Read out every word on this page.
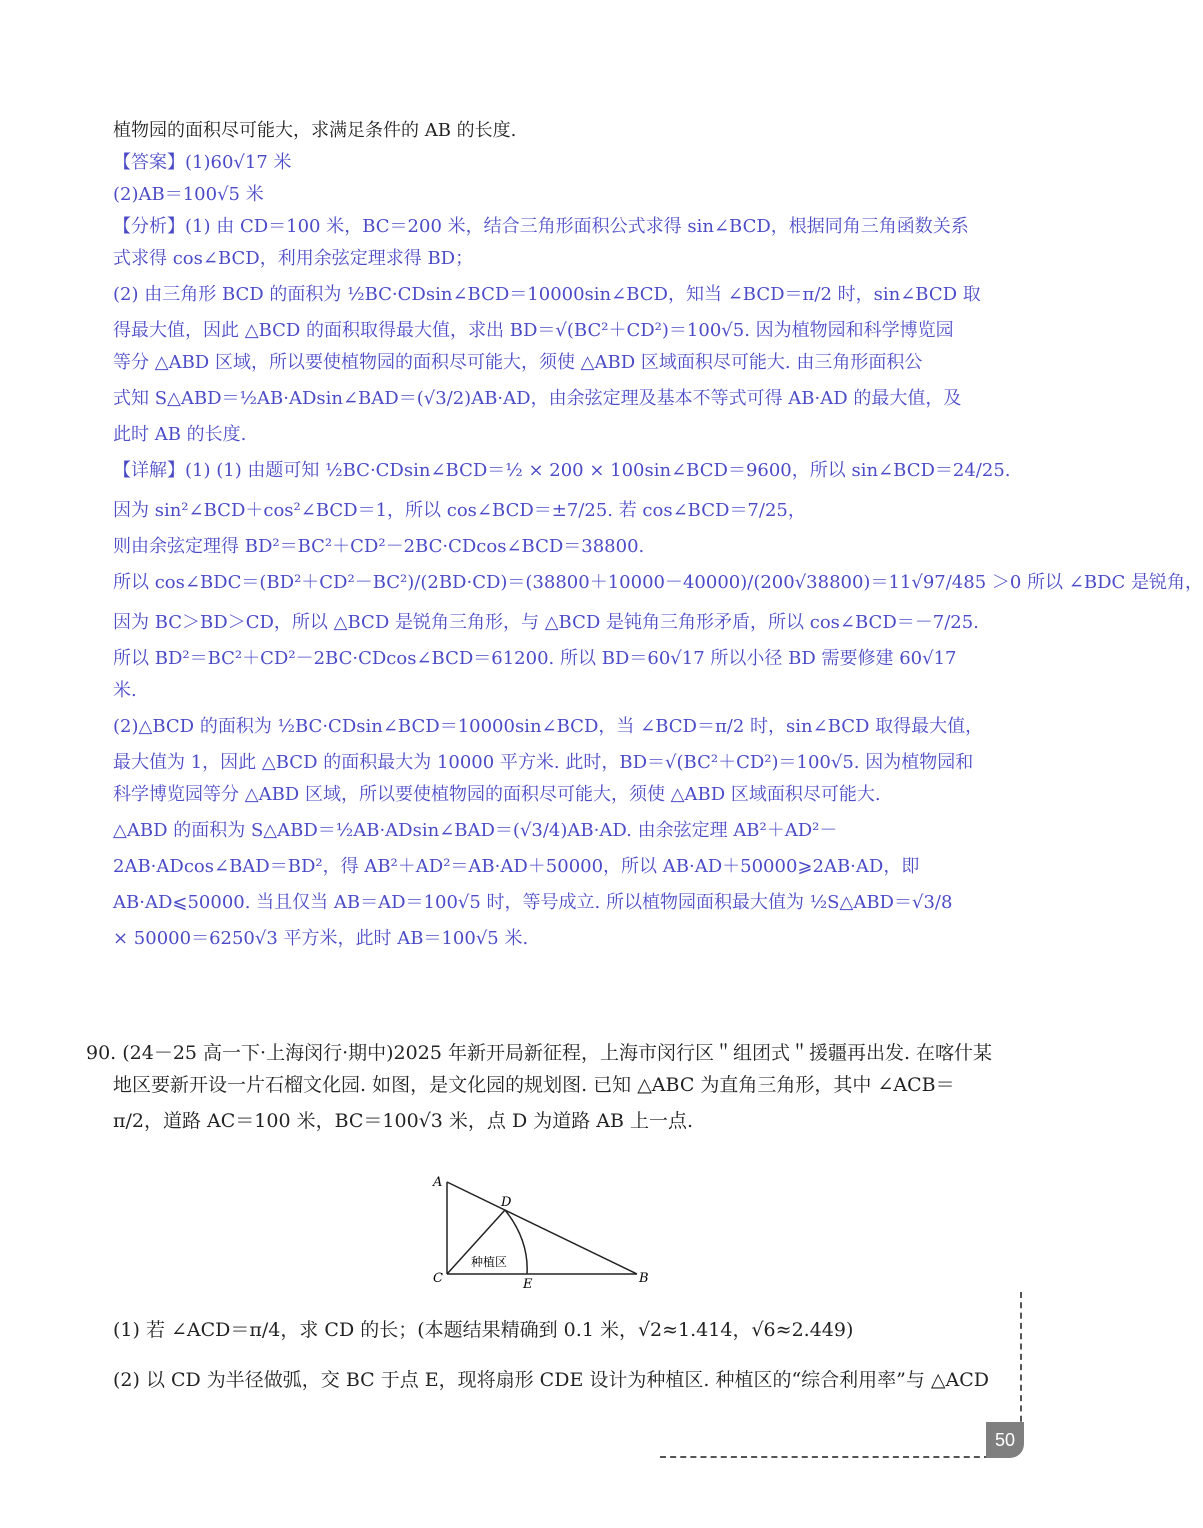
植物园的面积尽可能大，求满足条件的 AB 的长度.
【答案】(1)60√17 米
(2)AB＝100√5 米
【分析】(1) 由 CD＝100 米，BC＝200 米，结合三角形面积公式求得 sin∠BCD，根据同角三角函数关系
式求得 cos∠BCD，利用余弦定理求得 BD；
(2) 由三角形 BCD 的面积为 ½BC·CDsin∠BCD＝10000sin∠BCD，知当 ∠BCD＝π/2 时，sin∠BCD 取
得最大值，因此 △BCD 的面积取得最大值，求出 BD＝√(BC²＋CD²)＝100√5. 因为植物园和科学博览园
等分 △ABD 区域，所以要使植物园的面积尽可能大，须使 △ABD 区域面积尽可能大. 由三角形面积公
式知 S△ABD＝½AB·ADsin∠BAD＝(√3/2)AB·AD，由余弦定理及基本不等式可得 AB·AD 的最大值，及
此时 AB 的长度.
【详解】(1) (1) 由题可知 ½BC·CDsin∠BCD＝½ × 200 × 100sin∠BCD＝9600，所以 sin∠BCD＝24/25.
因为 sin²∠BCD＋cos²∠BCD＝1，所以 cos∠BCD＝±7/25. 若 cos∠BCD＝7/25，
则由余弦定理得 BD²＝BC²＋CD²－2BC·CDcos∠BCD＝38800.
所以 cos∠BDC＝(BD²＋CD²－BC²)/(2BD·CD)＝(38800＋10000－40000)/(200√38800)＝11√97/485 ＞0 所以 ∠BDC 是锐角，
因为 BC＞BD＞CD，所以 △BCD 是锐角三角形，与 △BCD 是钝角三角形矛盾，所以 cos∠BCD＝－7/25.
所以 BD²＝BC²＋CD²－2BC·CDcos∠BCD＝61200. 所以 BD＝60√17 所以小径 BD 需要修建 60√17
米.
(2)△BCD 的面积为 ½BC·CDsin∠BCD＝10000sin∠BCD，当 ∠BCD＝π/2 时，sin∠BCD 取得最大值，
最大值为 1，因此 △BCD 的面积最大为 10000 平方米. 此时，BD＝√(BC²＋CD²)＝100√5. 因为植物园和
科学博览园等分 △ABD 区域，所以要使植物园的面积尽可能大，须使 △ABD 区域面积尽可能大.
△ABD 的面积为 S△ABD＝½AB·ADsin∠BAD＝(√3/4)AB·AD. 由余弦定理 AB²＋AD²－
2AB·ADcos∠BAD＝BD²，得 AB²＋AD²＝AB·AD＋50000，所以 AB·AD＋50000⩾2AB·AD，即
AB·AD⩽50000. 当且仅当 AB＝AD＝100√5 时，等号成立. 所以植物园面积最大值为 ½S△ABD＝√3/8
× 50000＝6250√3 平方米，此时 AB＝100√5 米.
90. (24－25 高一下·上海闵行·期中)2025 年新开局新征程，上海市闵行区＂组团式＂援疆再出发. 在喀什某
地区要新开设一片石榴文化园. 如图，是文化园的规划图. 已知 △ABC 为直角三角形，其中 ∠ACB＝
π/2，道路 AC＝100 米，BC＝100√3 米，点 D 为道路 AB 上一点.
A
C	B
D
E
种植区
(1) 若 ∠ACD＝π/4，求 CD 的长；(本题结果精确到 0.1 米，√2≈1.414，√6≈2.449)
(2) 以 CD 为半径做弧，交 BC 于点 E，现将扇形 CDE 设计为种植区. 种植区的“综合利用率”与 △ACD
50
